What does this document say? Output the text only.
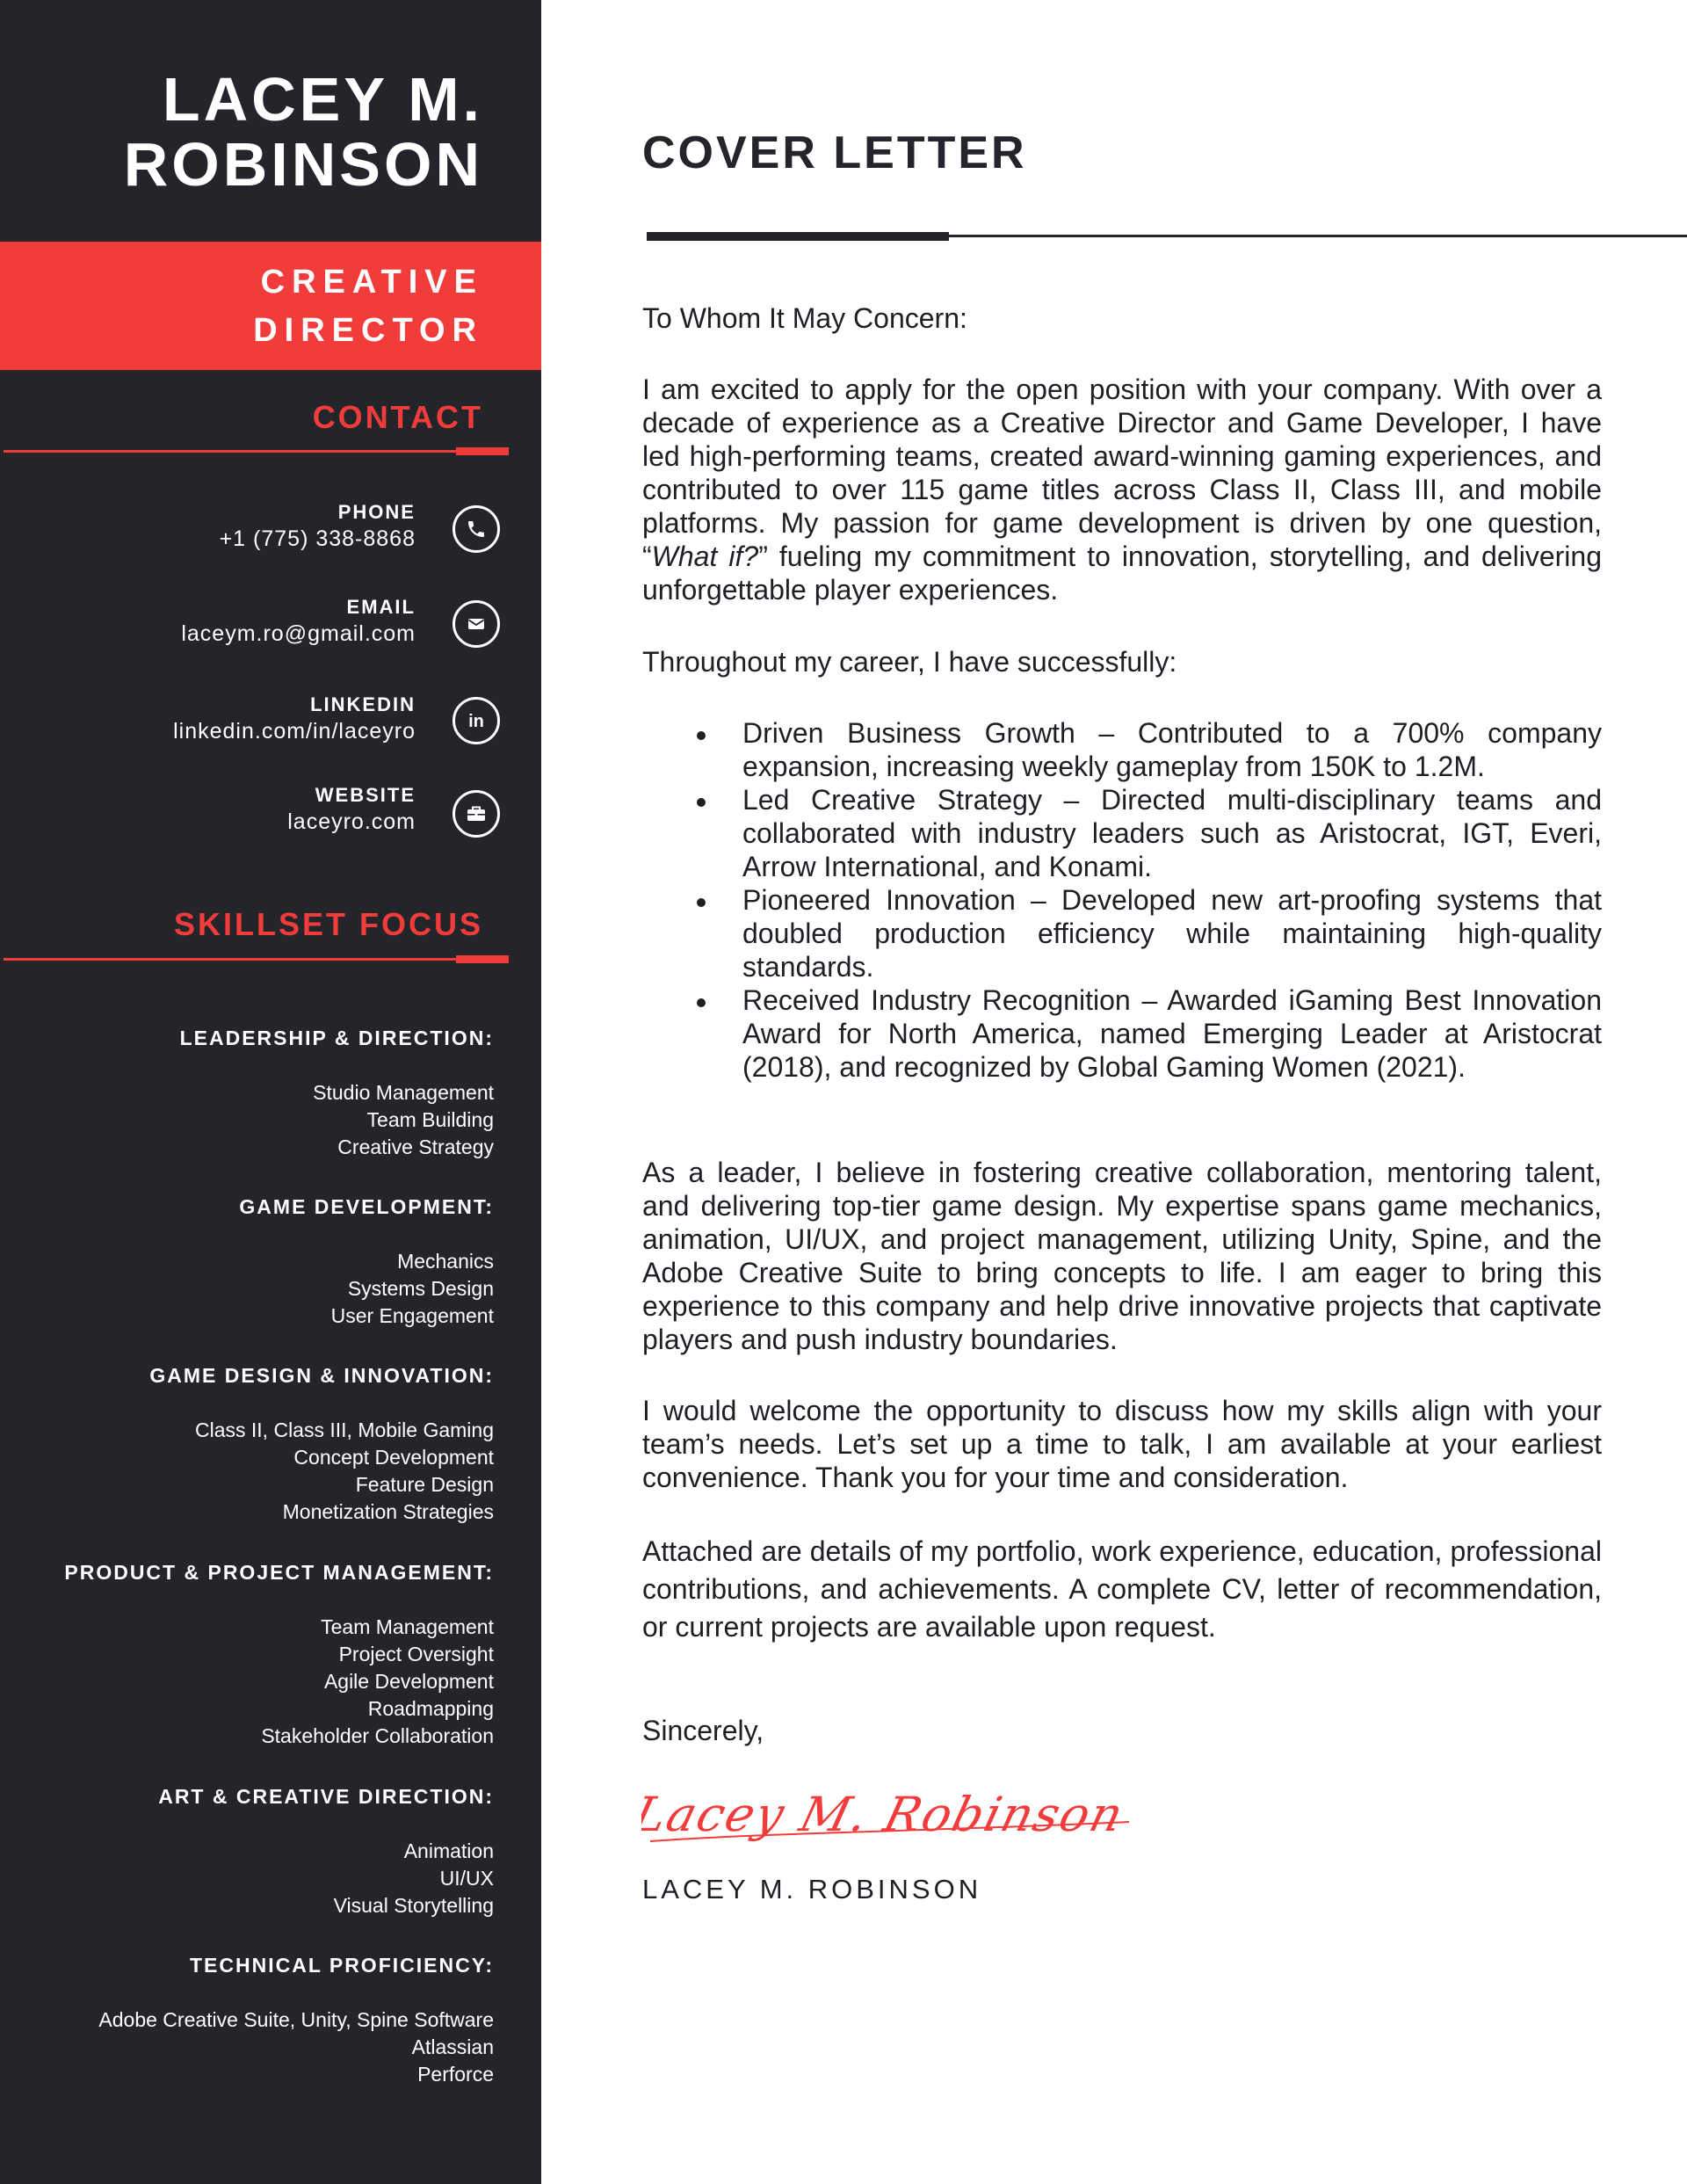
LACEY M.
ROBINSON
CREATIVE
DIRECTOR
CONTACT
PHONE
+1 (775) 338-8868
EMAIL
laceym.ro@gmail.com
LINKEDIN
linkedin.com/in/laceyro	in
WEBSITE
laceyro.com
SKILLSET FOCUS
LEADERSHIP & DIRECTION:
Studio Management
Team Building
Creative Strategy
GAME DEVELOPMENT:
Mechanics
Systems Design
User Engagement
GAME DESIGN & INNOVATION:
Class II, Class III, Mobile Gaming
Concept Development
Feature Design
Monetization Strategies
PRODUCT & PROJECT MANAGEMENT:
Team Management
Project Oversight
Agile Development
Roadmapping
Stakeholder Collaboration
ART & CREATIVE DIRECTION:
Animation
UI/UX
Visual Storytelling
TECHNICAL PROFICIENCY:
Adobe Creative Suite, Unity, Spine Software
Atlassian
Perforce
COVER LETTER
To Whom It May Concern:

I am excited to apply for the open position with your company. With over a decade of experience as a Creative Director and Game Developer, I have led high-performing teams, created award-winning gaming experiences, and contributed to over 115 game titles across Class II, Class III, and mobile platforms. My passion for game development is driven by one question, “What if?” fueling my commitment to innovation, storytelling, and delivering unforgettable player experiences.

Throughout my career, I have successfully:
Driven Business Growth – Contributed to a 700% company expansion, increasing weekly gameplay from 150K to 1.2M.
Led Creative Strategy – Directed multi-disciplinary teams and collaborated with industry leaders such as Aristocrat, IGT, Everi, Arrow International, and Konami.
Pioneered Innovation – Developed new art-proofing systems that doubled production efficiency while maintaining high-quality standards.
Received Industry Recognition – Awarded iGaming Best Innovation Award for North America, named Emerging Leader at Aristocrat (2018), and recognized by Global Gaming Women (2021).

As a leader, I believe in fostering creative collaboration, mentoring talent, and delivering top-tier game design. My expertise spans game mechanics, animation, UI/UX, and project management, utilizing Unity, Spine, and the Adobe Creative Suite to bring concepts to life. I am eager to bring this experience to this company and help drive innovative projects that captivate players and push industry boundaries.

I would welcome the opportunity to discuss how my skills align with your team’s needs. Let’s set up a time to talk, I am available at your earliest convenience. Thank you for your time and consideration.

Attached are details of my portfolio, work experience, education, professional contributions, and achievements. A complete CV, letter of recommendation, or current projects are available upon request.

Sincerely,
Lacey M. Robinson
LACEY M. ROBINSON
